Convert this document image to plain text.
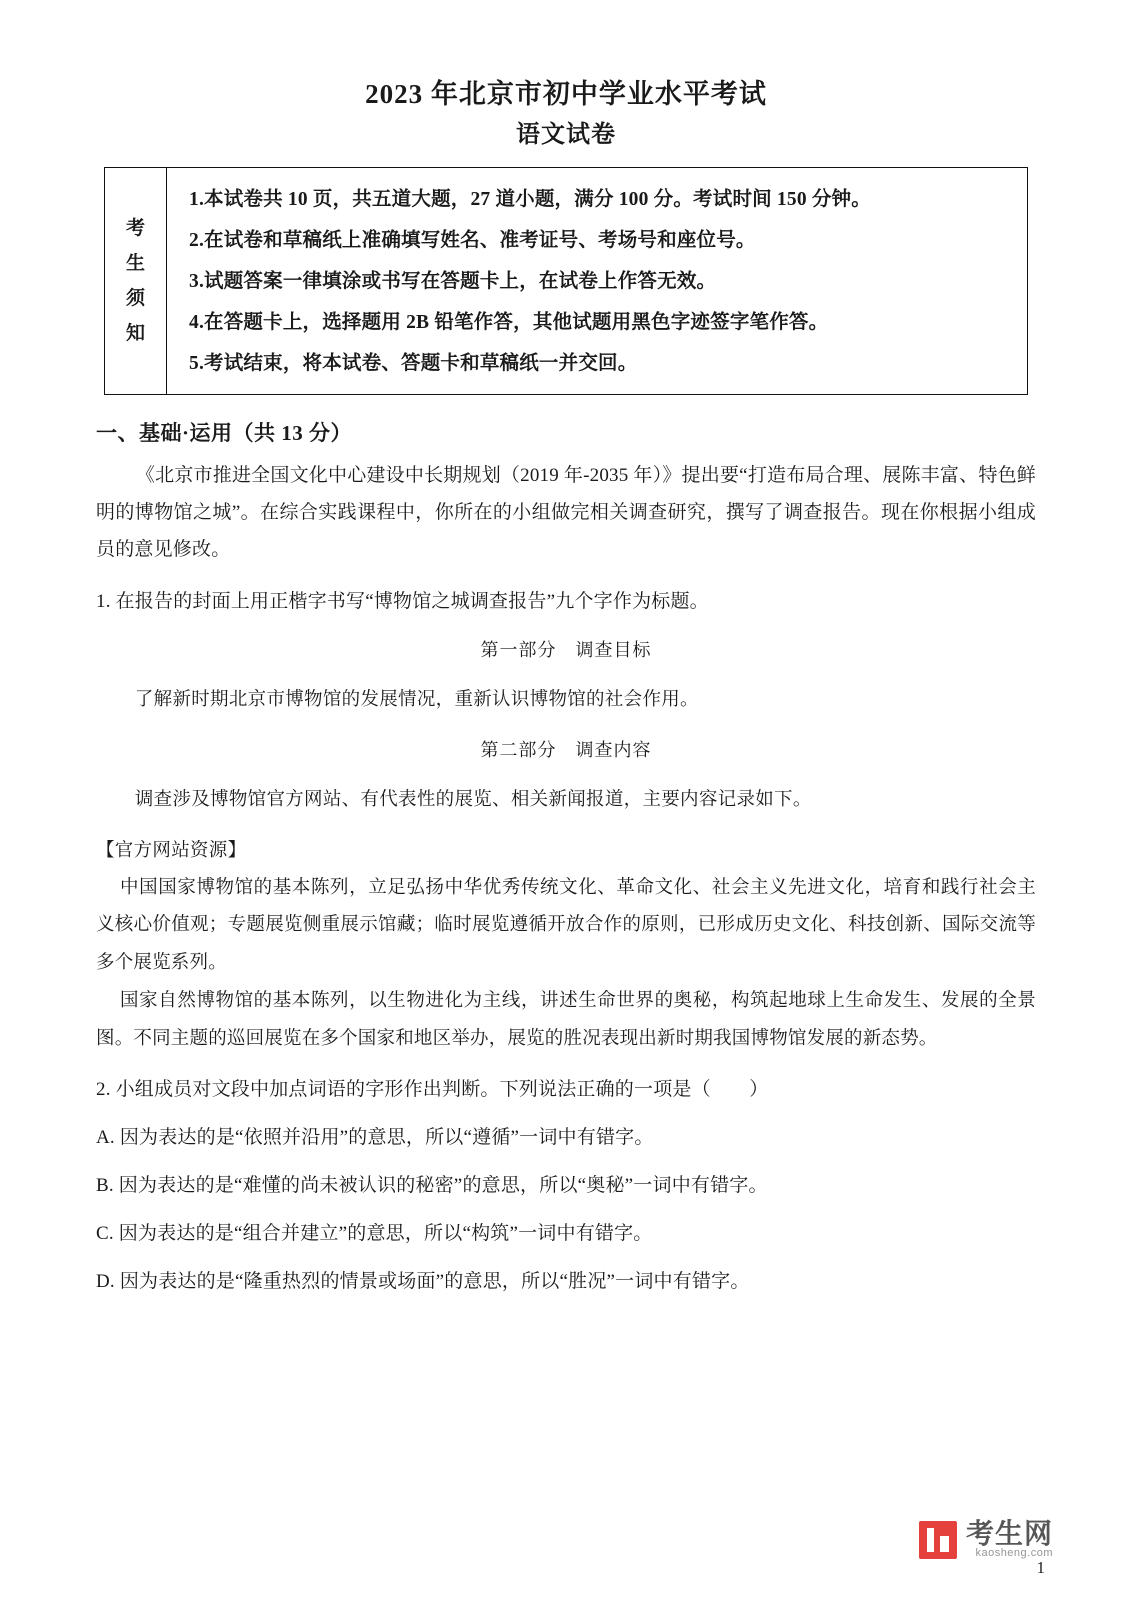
2023 年北京市初中学业水平考试
语文试卷
考
生
须
知

1.本试卷共 10 页，共五道大题，27 道小题，满分 100 分。考试时间 150 分钟。

2.在试卷和草稿纸上准确填写姓名、准考证号、考场号和座位号。

3.试题答案一律填涂或书写在答题卡上，在试卷上作答无效。

4.在答题卡上，选择题用 2B 铅笔作答，其他试题用黑色字迹签字笔作答。

5.考试结束，将本试卷、答题卡和草稿纸一并交回。

一、基础·运用（共 13 分）

《北京市推进全国文化中心建设中长期规划（2019 年-2035 年）》提出要“打造布局合理、展陈丰富、特色鲜明的博物馆之城”。在综合实践课程中，你所在的小组做完相关调查研究，撰写了调查报告。现在你根据小组成员的意见修改。

1. 在报告的封面上用正楷字书写“博物馆之城调查报告”九个字作为标题。

第一部分　调查目标

了解新时期北京市博物馆的发展情况，重新认识博物馆的社会作用。

第二部分　调查内容

调查涉及博物馆官方网站、有代表性的展览、相关新闻报道，主要内容记录如下。

【官方网站资源】

中国国家博物馆的基本陈列，立足弘扬中华优秀传统文化、革命文化、社会主义先进文化，培育和践行社会主义核心价值观；专题展览侧重展示馆藏；临时展览遵循开放合作的原则，已形成历史文化、科技创新、国际交流等多个展览系列。

国家自然博物馆的基本陈列，以生物进化为主线，讲述生命世界的奥秘，构筑起地球上生命发生、发展的全景图。不同主题的巡回展览在多个国家和地区举办，展览的胜况表现出新时期我国博物馆发展的新态势。

2. 小组成员对文段中加点词语的字形作出判断。下列说法正确的一项是（　　）

A. 因为表达的是“依照并沿用”的意思，所以“遵循”一词中有错字。

B. 因为表达的是“难懂的尚未被认识的秘密”的意思，所以“奥秘”一词中有错字。

C. 因为表达的是“组合并建立”的意思，所以“构筑”一词中有错字。

D. 因为表达的是“隆重热烈的情景或场面”的意思，所以“胜况”一词中有错字。

考生网
kaosheng.com
1
